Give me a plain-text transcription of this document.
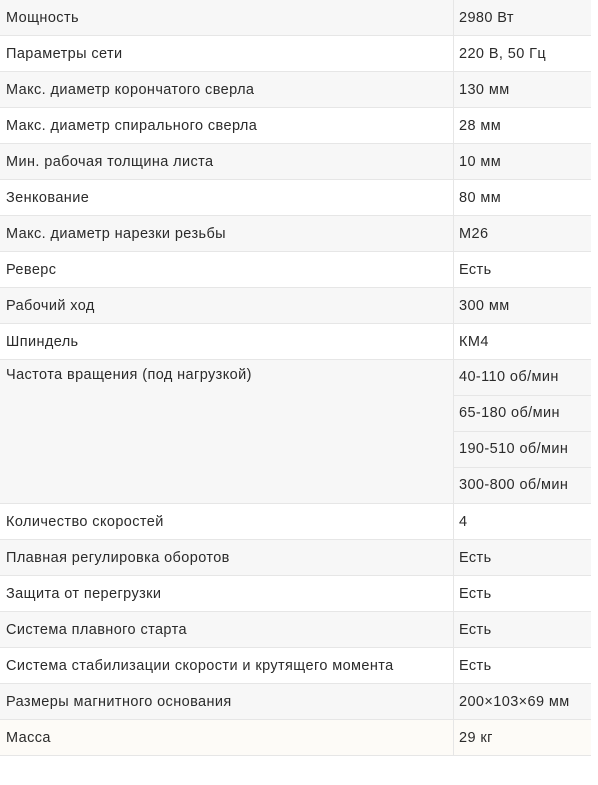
Мощность	2980 Вт
Параметры сети	220 В, 50 Гц
Макс. диаметр корончатого сверла	130 мм
Макс. диаметр спирального сверла	28 мм
Мин. рабочая толщина листа	10 мм
Зенкование	80 мм
Макс. диаметр нарезки резьбы	М26
Реверс	Есть
Рабочий ход	300 мм
Шпиндель	КМ4
Частота вращения (под нагрузкой)	40-110 об/мин
65-180 об/мин
190-510 об/мин
300-800 об/мин

Количество скоростей	4
Плавная регулировка оборотов	Есть
Защита от перегрузки	Есть
Система плавного старта	Есть
Система стабилизации скорости и крутящего момента	Есть
Размеры магнитного основания	200×103×69 мм
Масса	29 кг
